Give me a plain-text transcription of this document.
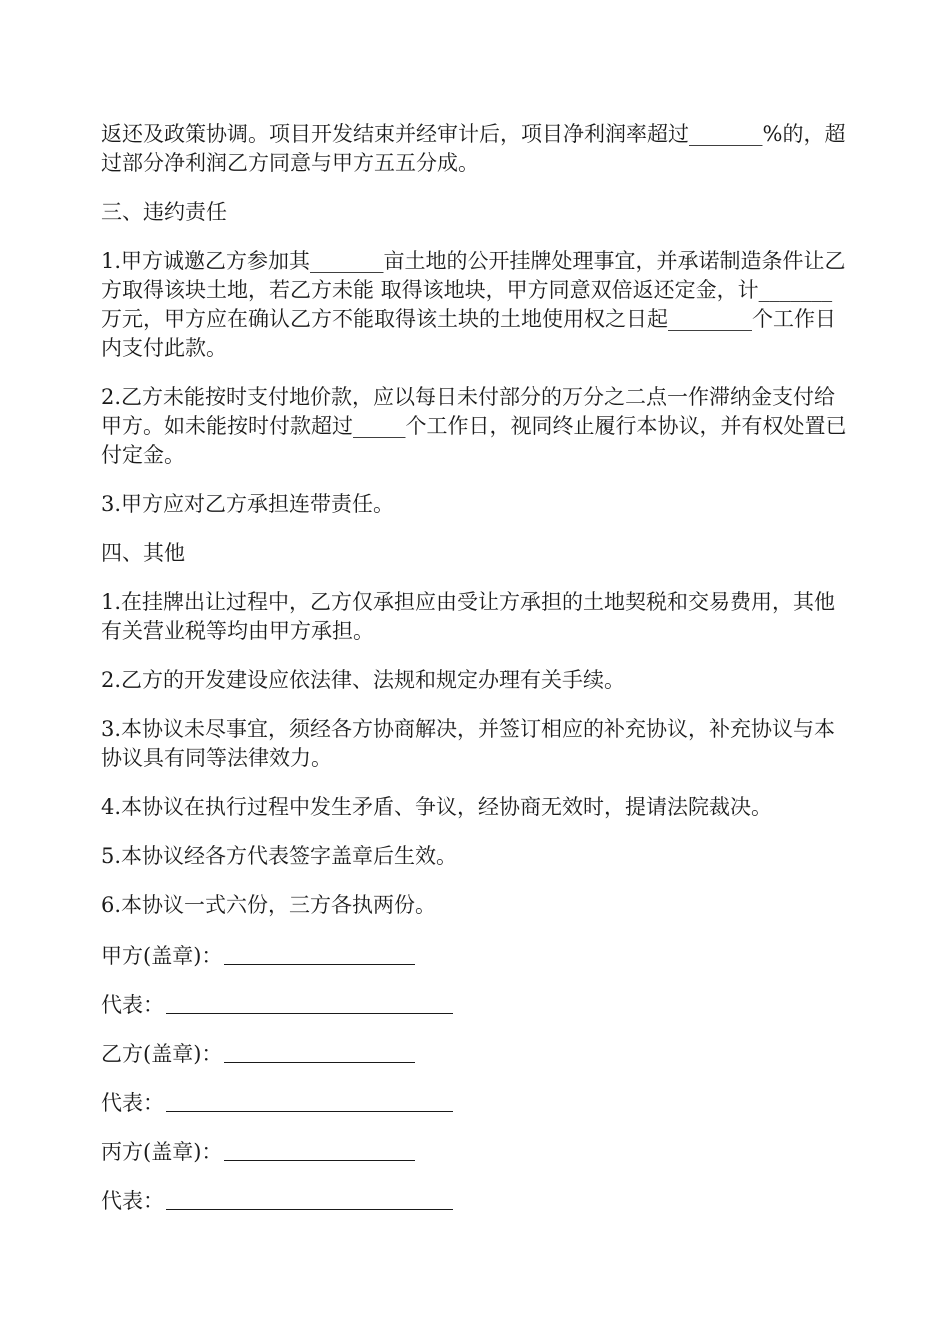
返还及政策协调。项目开发结束并经审计后，项目净利润率超过_______%的，超过部分净利润乙方同意与甲方五五分成。

三、违约责任

1.甲方诚邀乙方参加其_______亩土地的公开挂牌处理事宜，并承诺制造条件让乙方取得该块土地，若乙方未能 取得该地块，甲方同意双倍返还定金，计_______万元，甲方应在确认乙方不能取得该土块的土地使用权之日起________个工作日内支付此款。

2.乙方未能按时支付地价款，应以每日未付部分的万分之二点一作滞纳金支付给甲方。如未能按时付款超过_____个工作日，视同终止履行本协议，并有权处置已付定金。

3.甲方应对乙方承担连带责任。

四、其他

1.在挂牌出让过程中，乙方仅承担应由受让方承担的土地契税和交易费用，其他有关营业税等均由甲方承担。

2.乙方的开发建设应依法律、法规和规定办理有关手续。

3.本协议未尽事宜，须经各方协商解决，并签订相应的补充协议，补充协议与本协议具有同等法律效力。

4.本协议在执行过程中发生矛盾、争议，经协商无效时，提请法院裁决。

5.本协议经各方代表签字盖章后生效。

6.本协议一式六份，三方各执两份。

甲方(盖章)：
代表：
乙方(盖章)：
代表：
丙方(盖章)：
代表：
